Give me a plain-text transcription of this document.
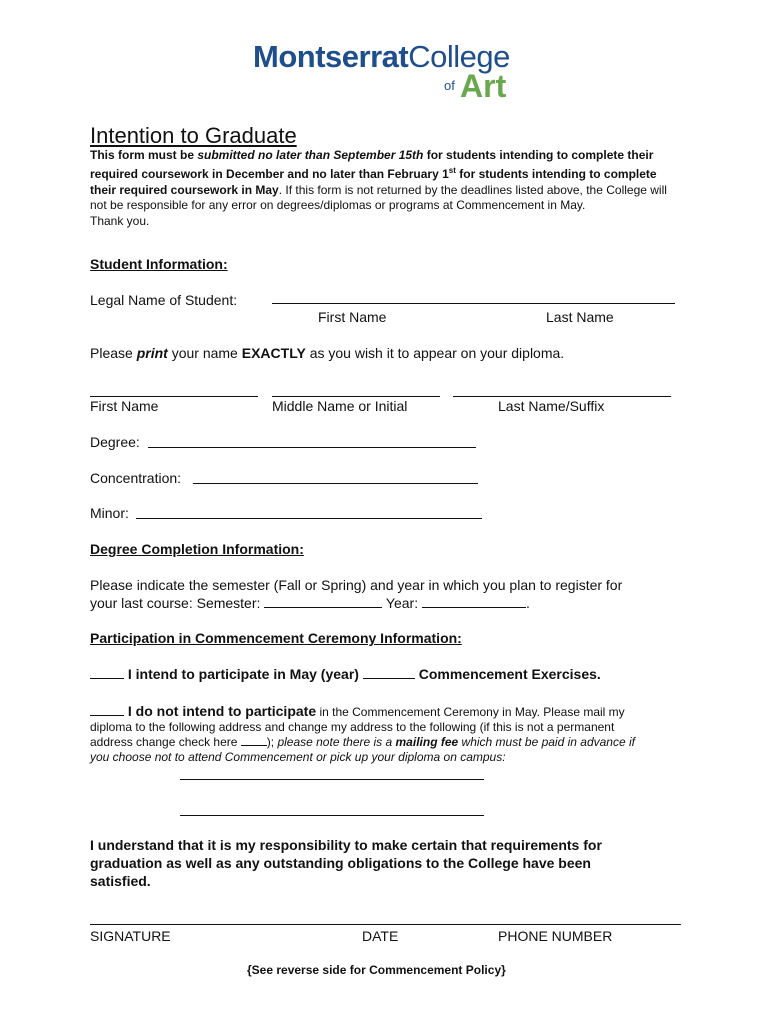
MontserratCollege
of Art
Intention to Graduate
This form must be submitted no later than September 15th for students intending to complete their required coursework in December and no later than February 1st for students intending to complete their required coursework in May. If this form is not returned by the deadlines listed above, the College will not be responsible for any error on degrees/diplomas or programs at Commencement in May.
Thank you.
Student Information:
Legal Name of Student:
First Name	Last Name
Please print your name EXACTLY as you wish it to appear on your diploma.
First Name	Middle Name or Initial	Last Name/Suffix
Degree:
Concentration:
Minor:
Degree Completion Information:
Please indicate the semester (Fall or Spring) and year in which you plan to register for
your last course: Semester:	Year:	.
Participation in Commencement Ceremony Information:
I intend to participate in May (year)	Commencement Exercises.
I do not intend to participate in the Commencement Ceremony in May. Please mail my
diploma to the following address and change my address to the following (if this is not a permanent
address change check here ); please note there is a mailing fee which must be paid in advance if
you choose not to attend Commencement or pick up your diploma on campus:
I understand that it is my responsibility to make certain that requirements for
graduation as well as any outstanding obligations to the College have been
satisfied.
SIGNATURE	DATE	PHONE NUMBER
{See reverse side for Commencement Policy}
